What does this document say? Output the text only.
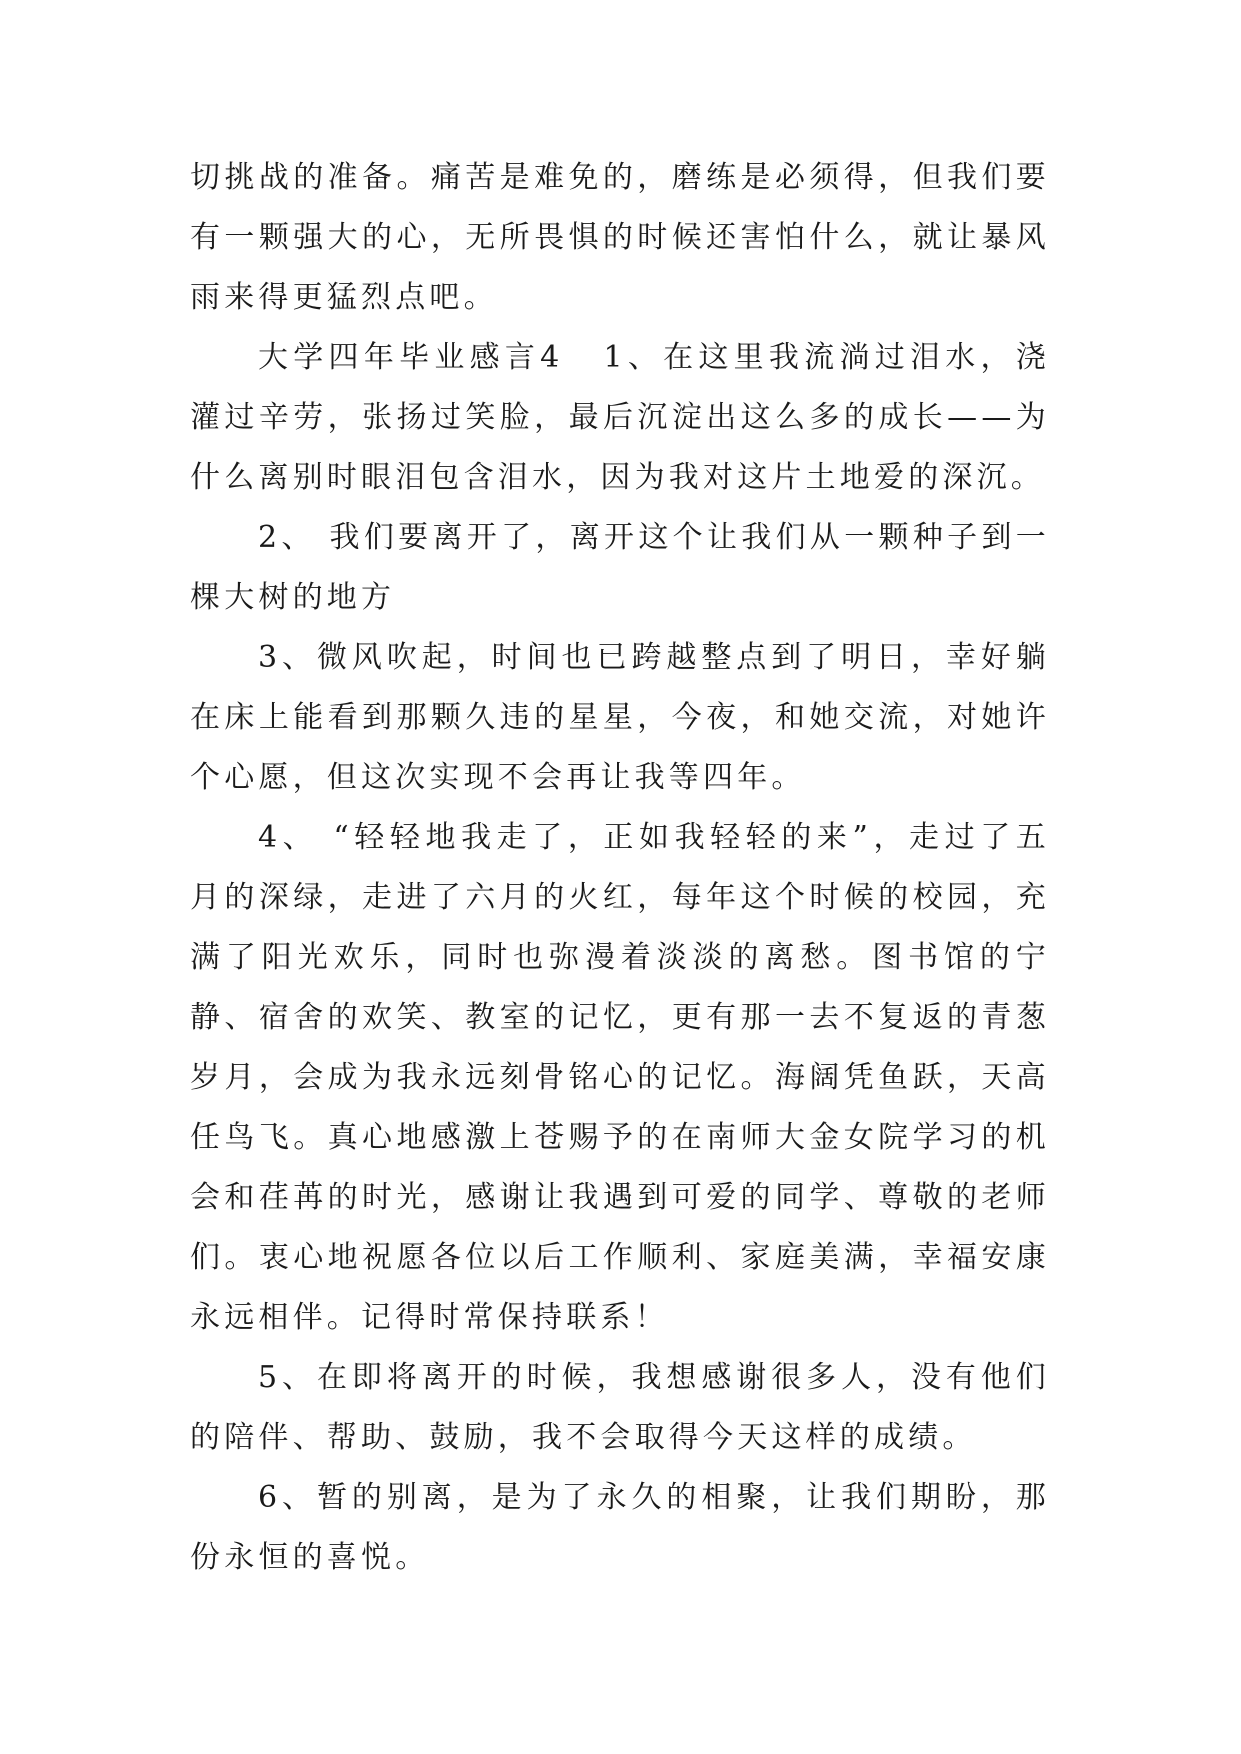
切挑战的准备。痛苦是难免的，磨练是必须得，但我们要有一颗强大的心，无所畏惧的时候还害怕什么，就让暴风雨来得更猛烈点吧。

大学四年毕业感言4 1、在这里我流淌过泪水，浇灌过辛劳，张扬过笑脸，最后沉淀出这么多的成长——为什么离别时眼泪包含泪水，因为我对这片土地爱的深沉。

2、 我们要离开了，离开这个让我们从一颗种子到一棵大树的地方

3、微风吹起，时间也已跨越整点到了明日，幸好躺在床上能看到那颗久违的星星，今夜，和她交流，对她许个心愿，但这次实现不会再让我等四年。

4、 “轻轻地我走了，正如我轻轻的来”，走过了五月的深绿，走进了六月的火红，每年这个时候的校园，充满了阳光欢乐，同时也弥漫着淡淡的离愁。图书馆的宁静、宿舍的欢笑、教室的记忆，更有那一去不复返的青葱岁月，会成为我永远刻骨铭心的记忆。海阔凭鱼跃，天高任鸟飞。真心地感激上苍赐予的在南师大金女院学习的机会和荏苒的时光，感谢让我遇到可爱的同学、尊敬的老师们。衷心地祝愿各位以后工作顺利、家庭美满，幸福安康永远相伴。记得时常保持联系！

5、在即将离开的时候，我想感谢很多人，没有他们的陪伴、帮助、鼓励，我不会取得今天这样的成绩。

6、暂的别离，是为了永久的相聚，让我们期盼，那份永恒的喜悦。
